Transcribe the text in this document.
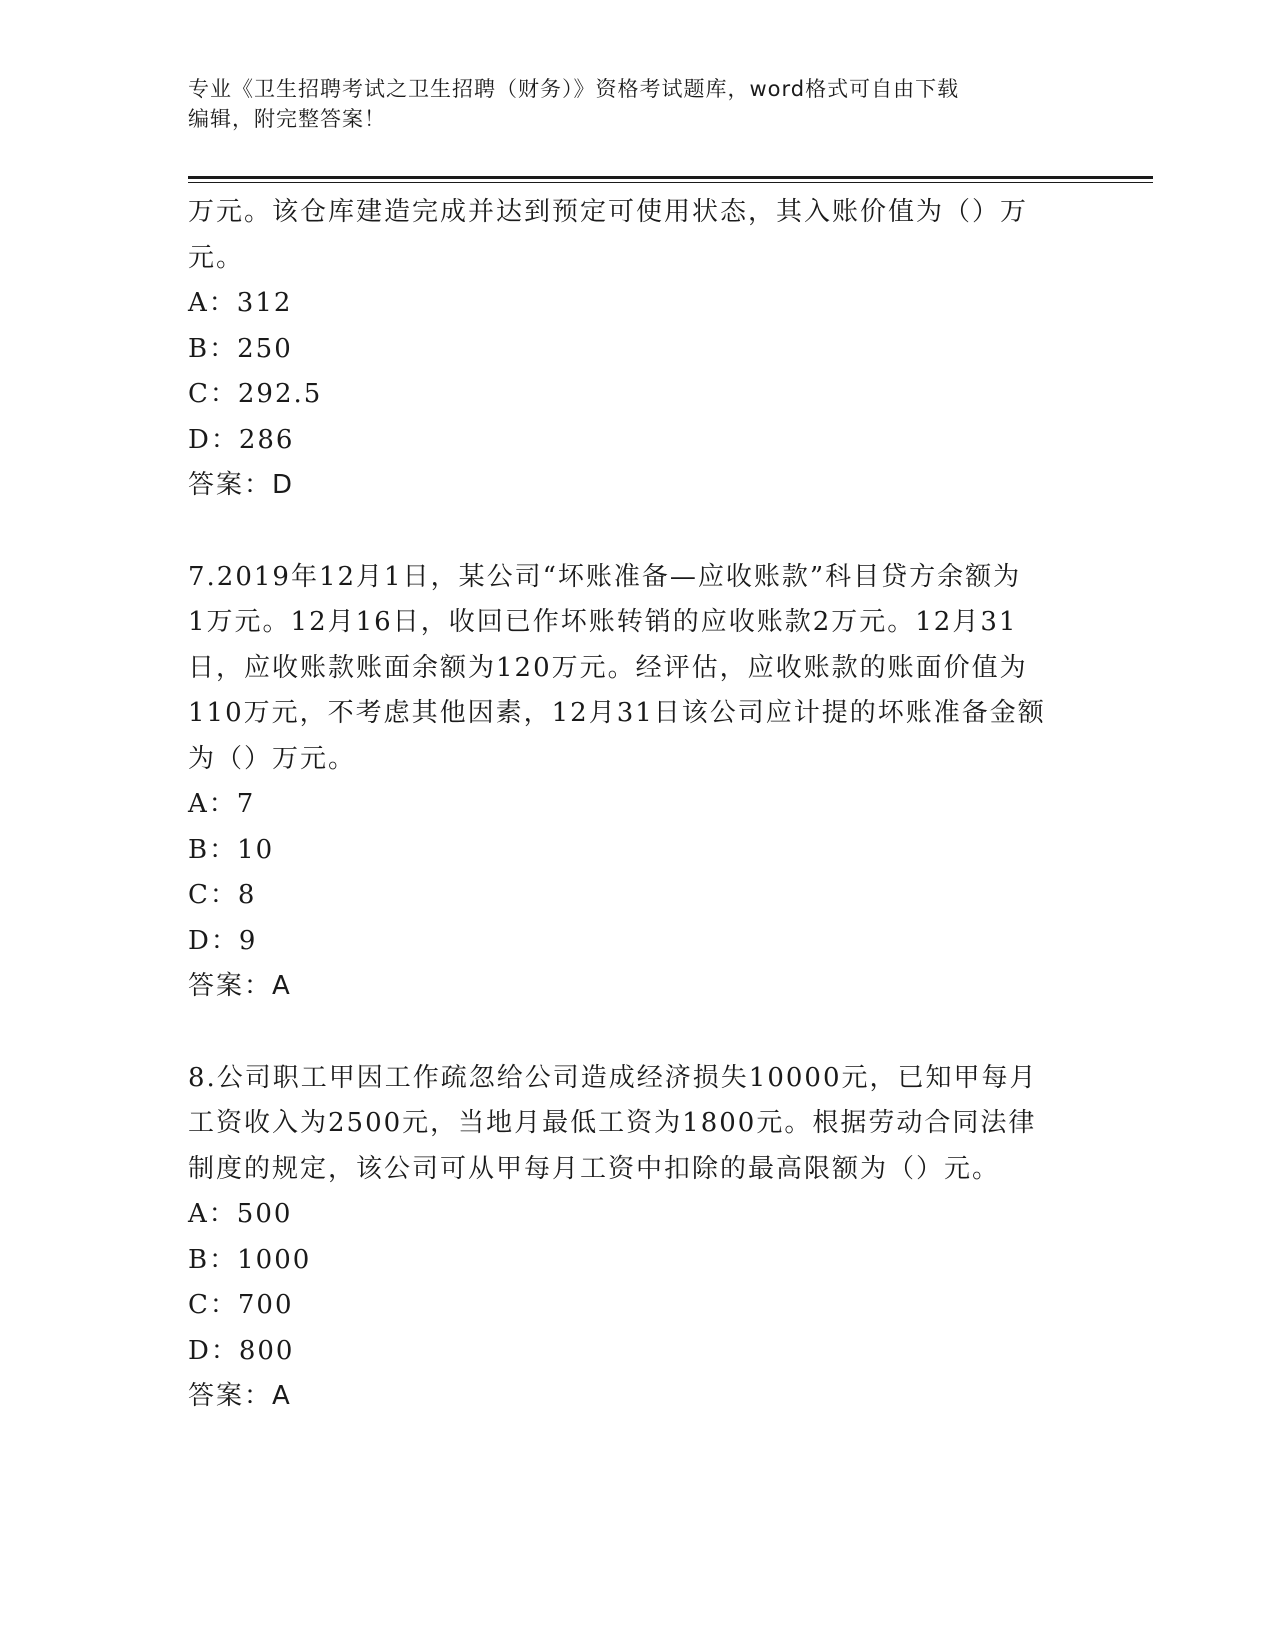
专业《卫生招聘考试之卫生招聘（财务）》资格考试题库，word格式可自由下载
编辑，附完整答案！

万元。该仓库建造完成并达到预定可使用状态，其入账价值为（）万

元。

A：312

B：250

C：292.5

D：286

答案：D

7.2019年12月1日，某公司“坏账准备—应收账款”科目贷方余额为

1万元。12月16日，收回已作坏账转销的应收账款2万元。12月31

日，应收账款账面余额为120万元。经评估，应收账款的账面价值为

110万元，不考虑其他因素，12月31日该公司应计提的坏账准备金额

为（）万元。

A：7

B：10

C：8

D：9

答案：A

8.公司职工甲因工作疏忽给公司造成经济损失10000元，已知甲每月

工资收入为2500元，当地月最低工资为1800元。根据劳动合同法律

制度的规定，该公司可从甲每月工资中扣除的最高限额为（）元。

A：500

B：1000

C：700

D：800

答案：A
